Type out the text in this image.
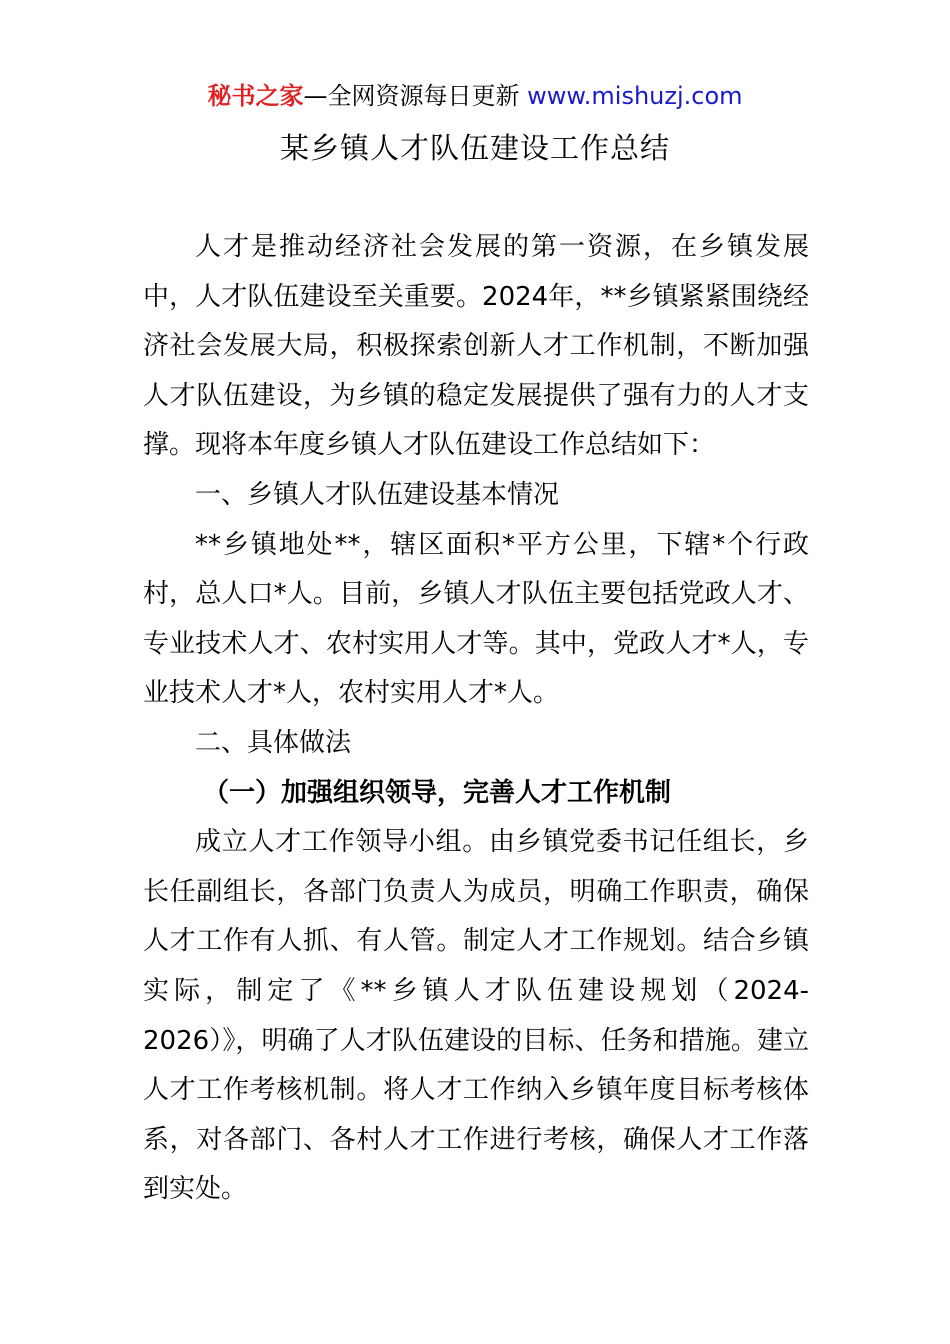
秘书之家—全网资源每日更新 www.mishuzj.com
某乡镇人才队伍建设工作总结

人才是推动经济社会发展的第一资源，在乡镇发展中，人才队伍建设至关重要。2024年，**乡镇紧紧围绕经济社会发展大局，积极探索创新人才工作机制，不断加强人才队伍建设，为乡镇的稳定发展提供了强有力的人才支撑。现将本年度乡镇人才队伍建设工作总结如下：

一、乡镇人才队伍建设基本情况

**乡镇地处**，辖区面积*平方公里，下辖*个行政村，总人口*人。目前，乡镇人才队伍主要包括党政人才、专业技术人才、农村实用人才等。其中，党政人才*人，专业技术人才*人，农村实用人才*人。

二、具体做法

（一）加强组织领导，完善人才工作机制

成立人才工作领导小组。由乡镇党委书记任组长，乡长任副组长，各部门负责人为成员，明确工作职责，确保人才工作有人抓、有人管。制定人才工作规划。结合乡镇实际，制定了《**乡镇人才队伍建设规划（2024-2026）》，明确了人才队伍建设的目标、任务和措施。建立人才工作考核机制。将人才工作纳入乡镇年度目标考核体系，对各部门、各村人才工作进行考核，确保人才工作落到实处。
